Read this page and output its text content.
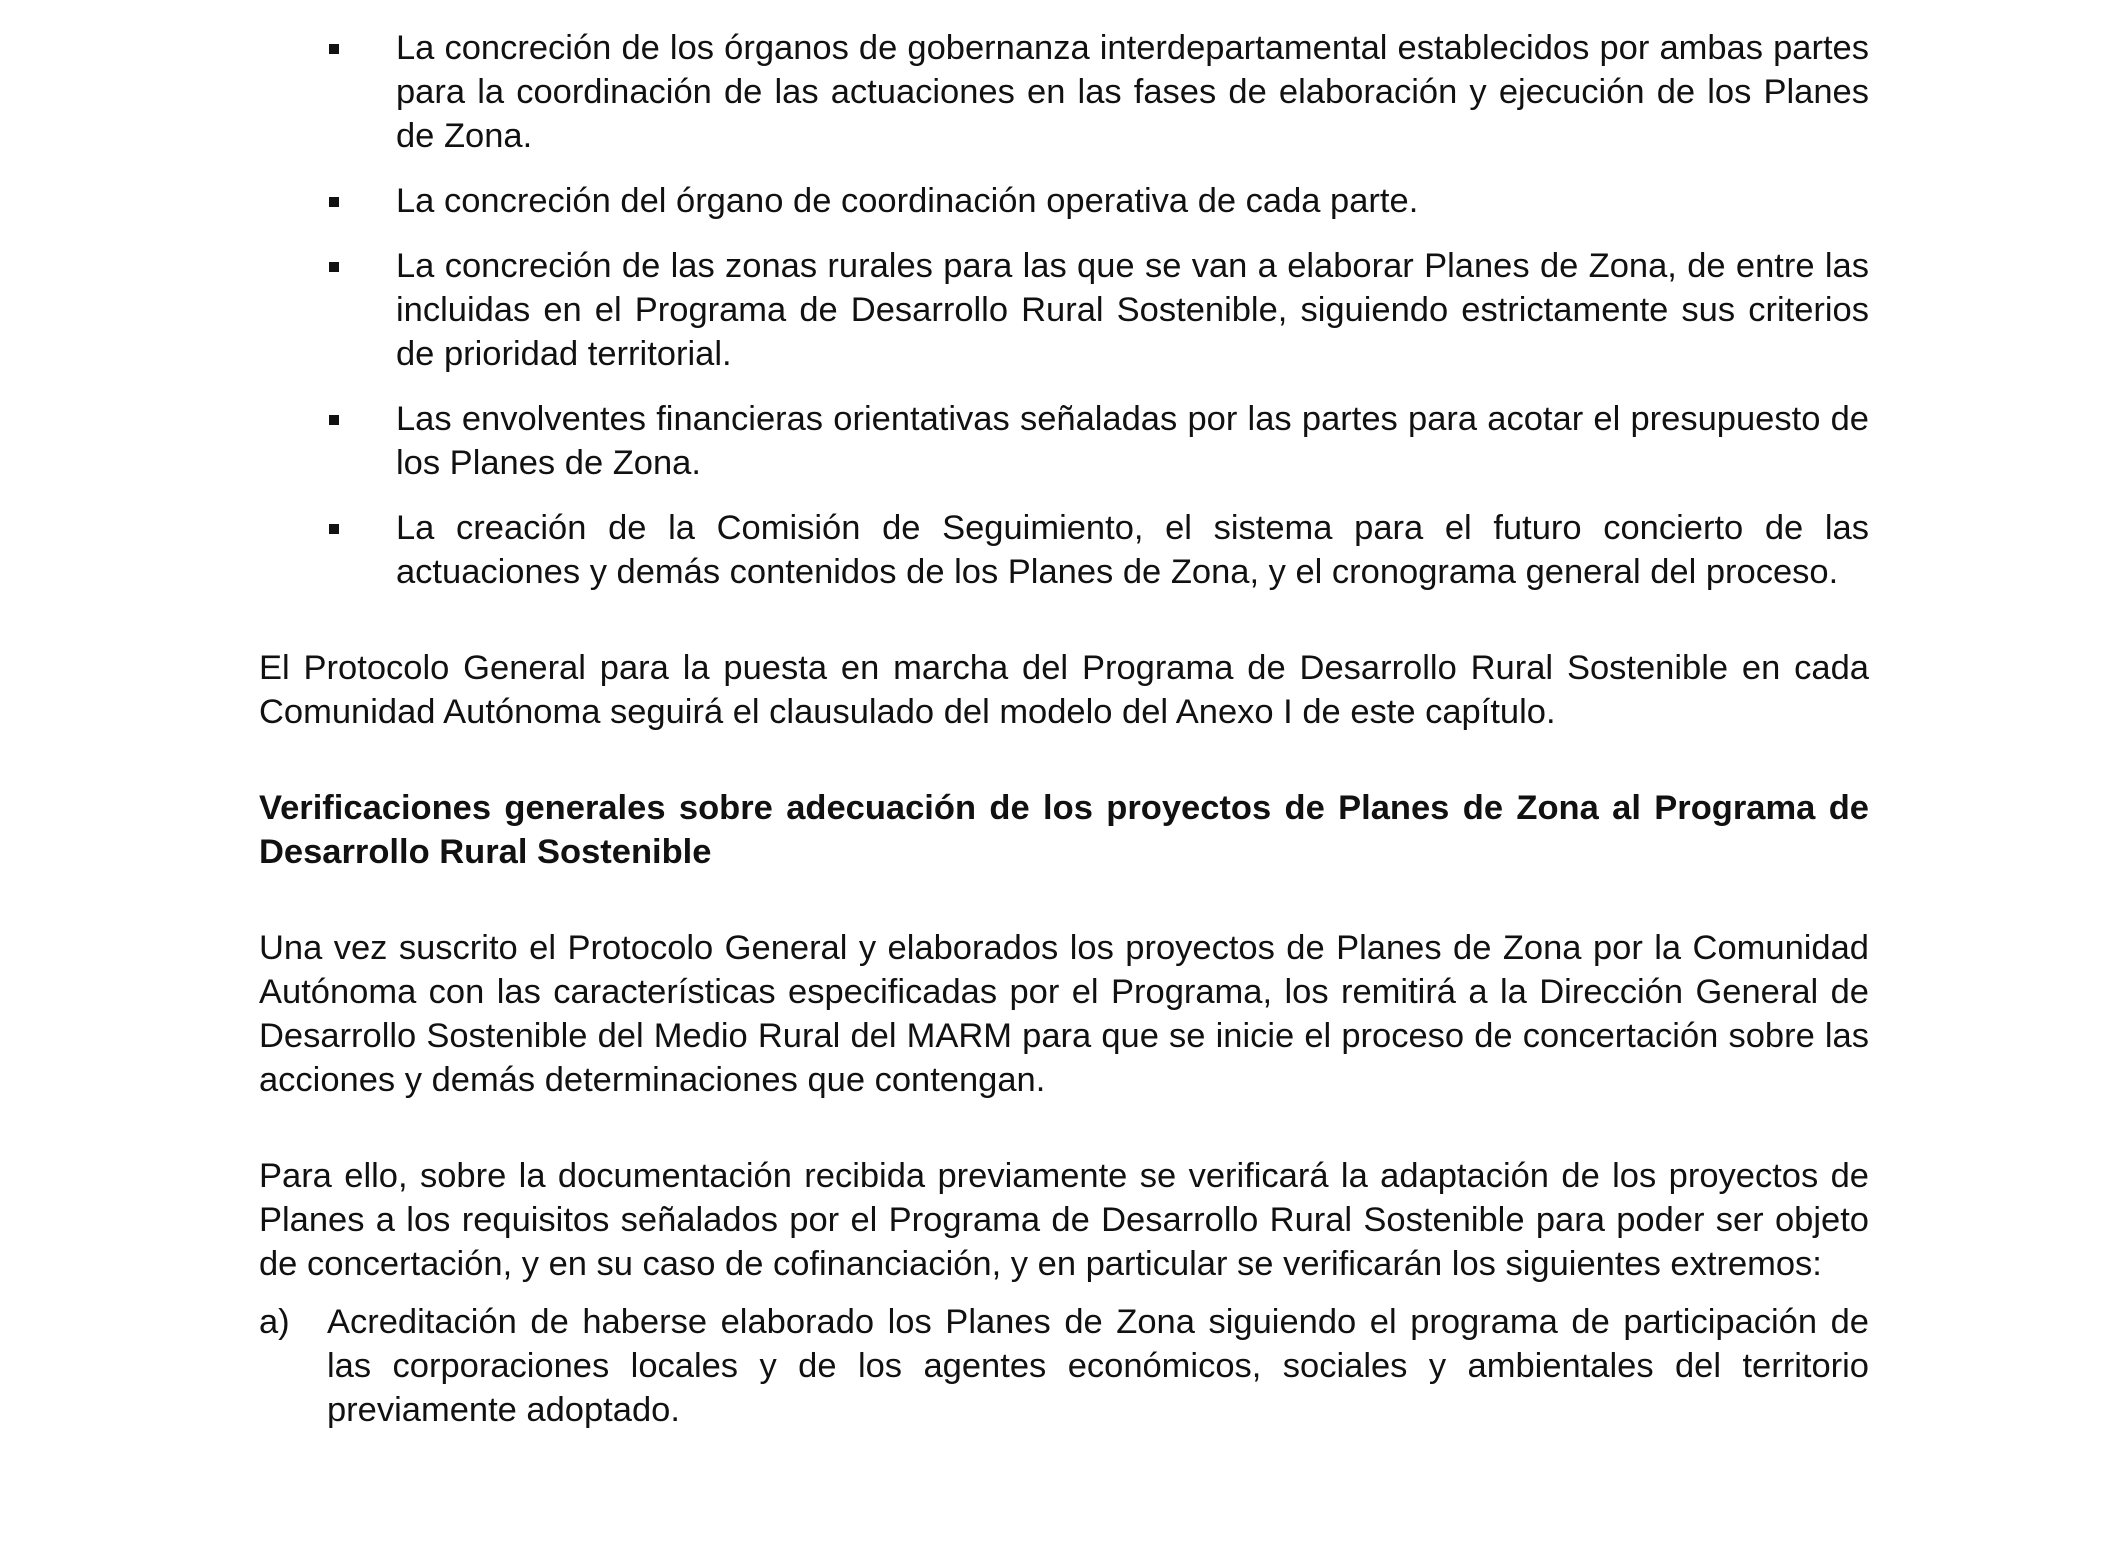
La concreción de los órganos de gobernanza interdepartamental establecidos por ambas partes para la coordinación de las actuaciones en las fases de elaboración y ejecución de los Planes de Zona.
La concreción del órgano de coordinación operativa de cada parte.
La concreción de las zonas rurales para las que se van a elaborar Planes de Zona, de entre las incluidas en el Programa de Desarrollo Rural Sostenible, siguiendo estrictamente sus criterios de prioridad territorial.
Las envolventes financieras orientativas señaladas por las partes para acotar el presupuesto de los Planes de Zona.
La creación de la Comisión de Seguimiento, el sistema para el futuro concierto de las actuaciones y demás contenidos de los Planes de Zona, y el cronograma general del proceso.

El Protocolo General para la puesta en marcha del Programa de Desarrollo Rural Sostenible en cada Comunidad Autónoma seguirá el clausulado del modelo del Anexo I de este capítulo.

Verificaciones generales sobre adecuación de los proyectos de Planes de Zona al Programa de Desarrollo Rural Sostenible

Una vez suscrito el Protocolo General y elaborados los proyectos de Planes de Zona por la Comunidad Autónoma con las características especificadas por el Programa, los remitirá a la Dirección General de Desarrollo Sostenible del Medio Rural del MARM para que se inicie el proceso de concertación sobre las acciones y demás determinaciones que contengan.

Para ello, sobre la documentación recibida previamente se verificará la adaptación de los proyectos de Planes a los requisitos señalados por el Programa de Desarrollo Rural Sostenible para poder ser objeto de concertación, y en su caso de cofinanciación, y en particular se verificarán los siguientes extremos:

a) Acreditación de haberse elaborado los Planes de Zona siguiendo el programa de participación de las corporaciones locales y de los agentes económicos, sociales y ambientales del territorio previamente adoptado.
